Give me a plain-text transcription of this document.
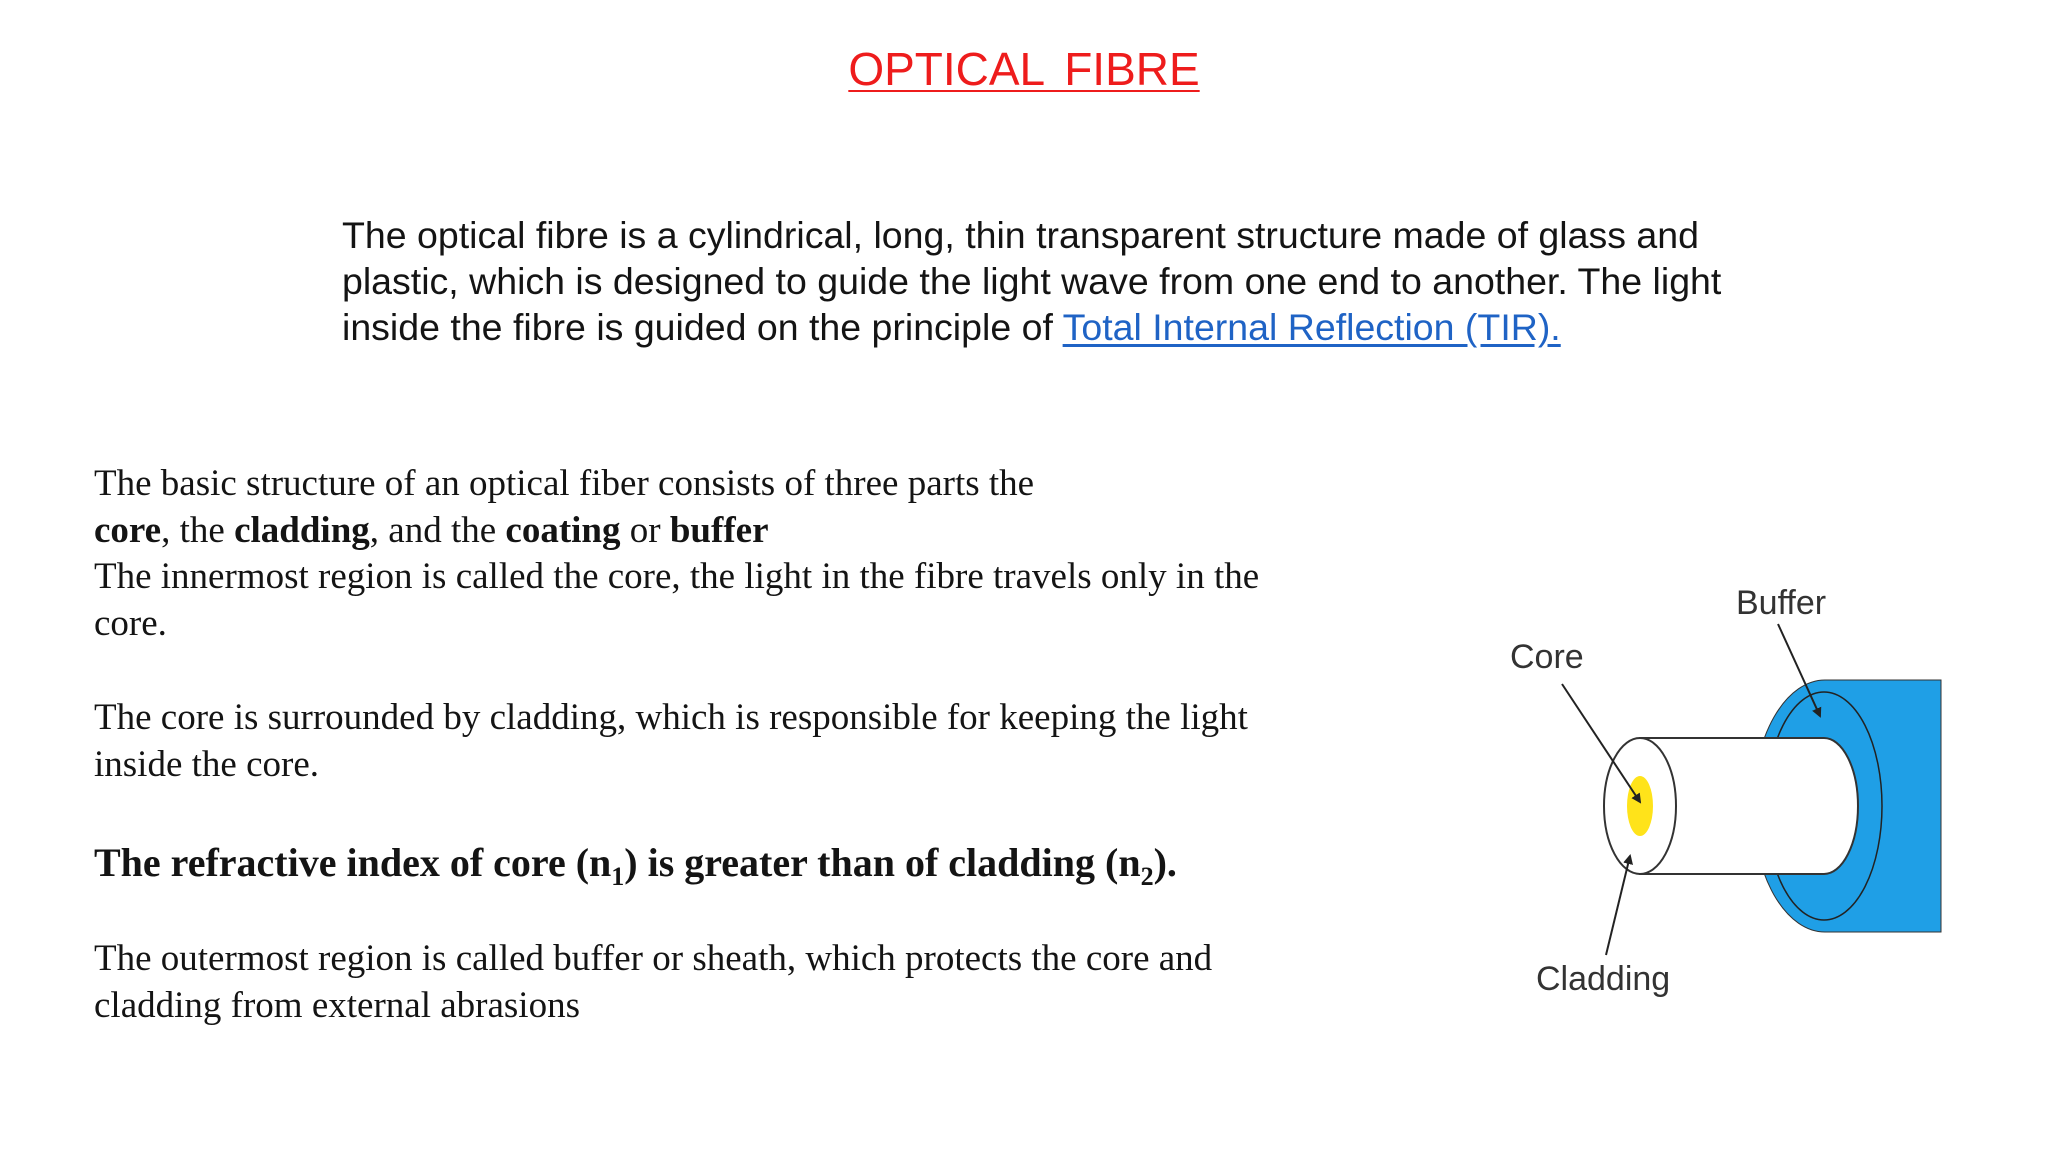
OPTICAL FIBRE

The optical fibre is a cylindrical, long, thin transparent structure made of glass and plastic, which is designed to guide the light wave from one end to another. The light inside the fibre is guided on the principle of Total Internal Reflection (TIR).

The basic structure of an optical fiber consists of three parts the
core, the cladding, and the coating or buffer
The innermost region is called the core, the light in the fibre travels only in the core.

The core is surrounded by cladding, which is responsible for keeping the light inside the core.

The refractive index of core $(n_1)$ is greater than of cladding $(n_2)$.

The outermost region is called buffer or sheath, which protects the core and cladding from external abrasions

Buffer
Core
Cladding
